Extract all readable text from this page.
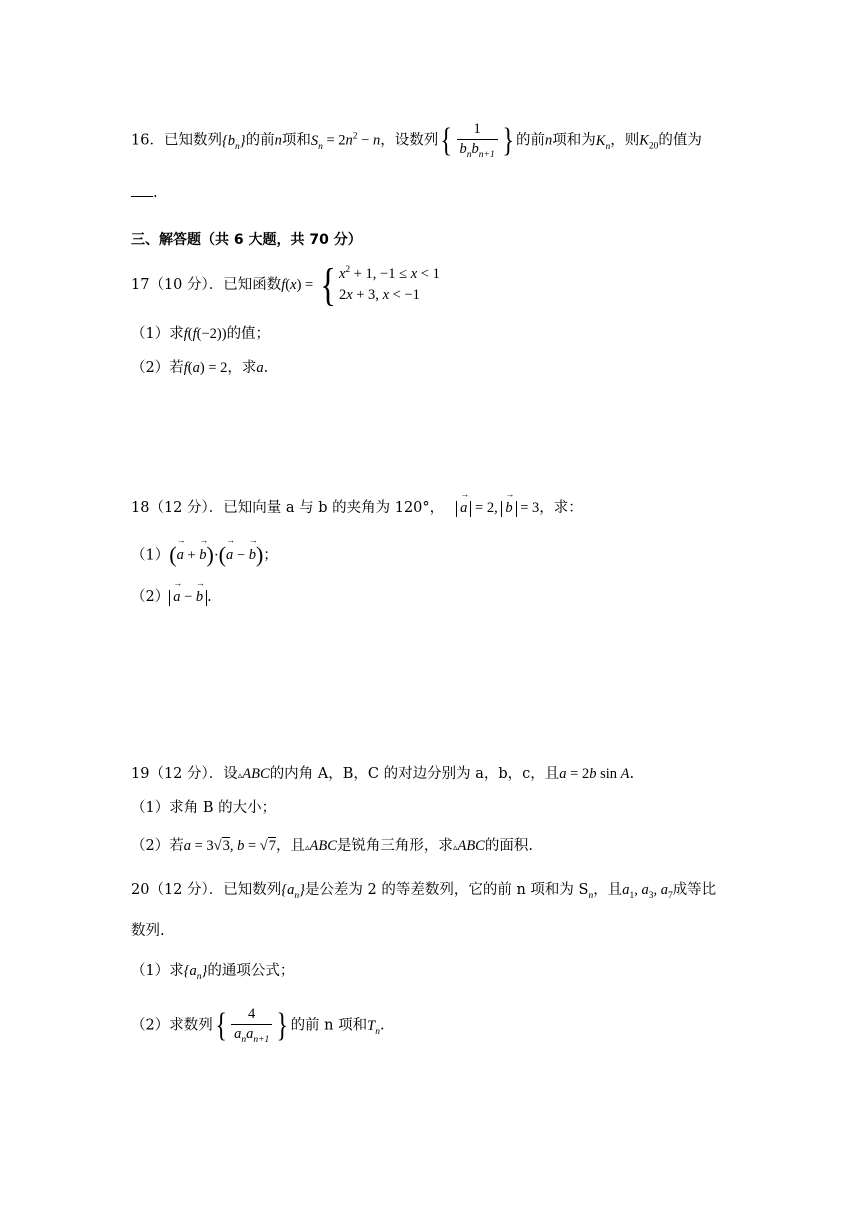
16．已知数列$\{b_n\}$的前n项和$S_n = 2n^2 - n$，设数列{ $\frac{1}{b_nb_{n+1}}$ } 的前n项和为$K_n$，则$K_{20}$的值为
.
三、解答题（共 6 大题，共 70 分）
17（10 分）．已知函数f(x) = { $x^2 + 1$, −1 ≤ x < 1
2x + 3, x < −1
（1）求f(f(−2))的值；
（2）若f(a) = 2，求a.
18（12 分）．已知向量 a 与 b 的夹角为 120°， → a = 2, → b = 3，求：
（1）(→ a + → b)·(→ a − → b)；
（2） → a − → b .
19（12 分）．设▵ABC的内角 A，B，C 的对边分别为 a，b，c，且a = 2b sin A.
（1）求角 B 的大小；
（2）若a = 3√3, b = √7，且▵ABC是锐角三角形，求▵ABC的面积.
20（12 分）．已知数列$\{a_n\}$是公差为 2 的等差数列，它的前 n 项和为 $S_n$，且$a_1$, $a_3$, $a_7$成等比
数列.
（1）求$\{a_n\}$的通项公式；
（2）求数列{ $\frac{4}{a_na_{n+1}}$ } 的前 n 项和$T_n$.
